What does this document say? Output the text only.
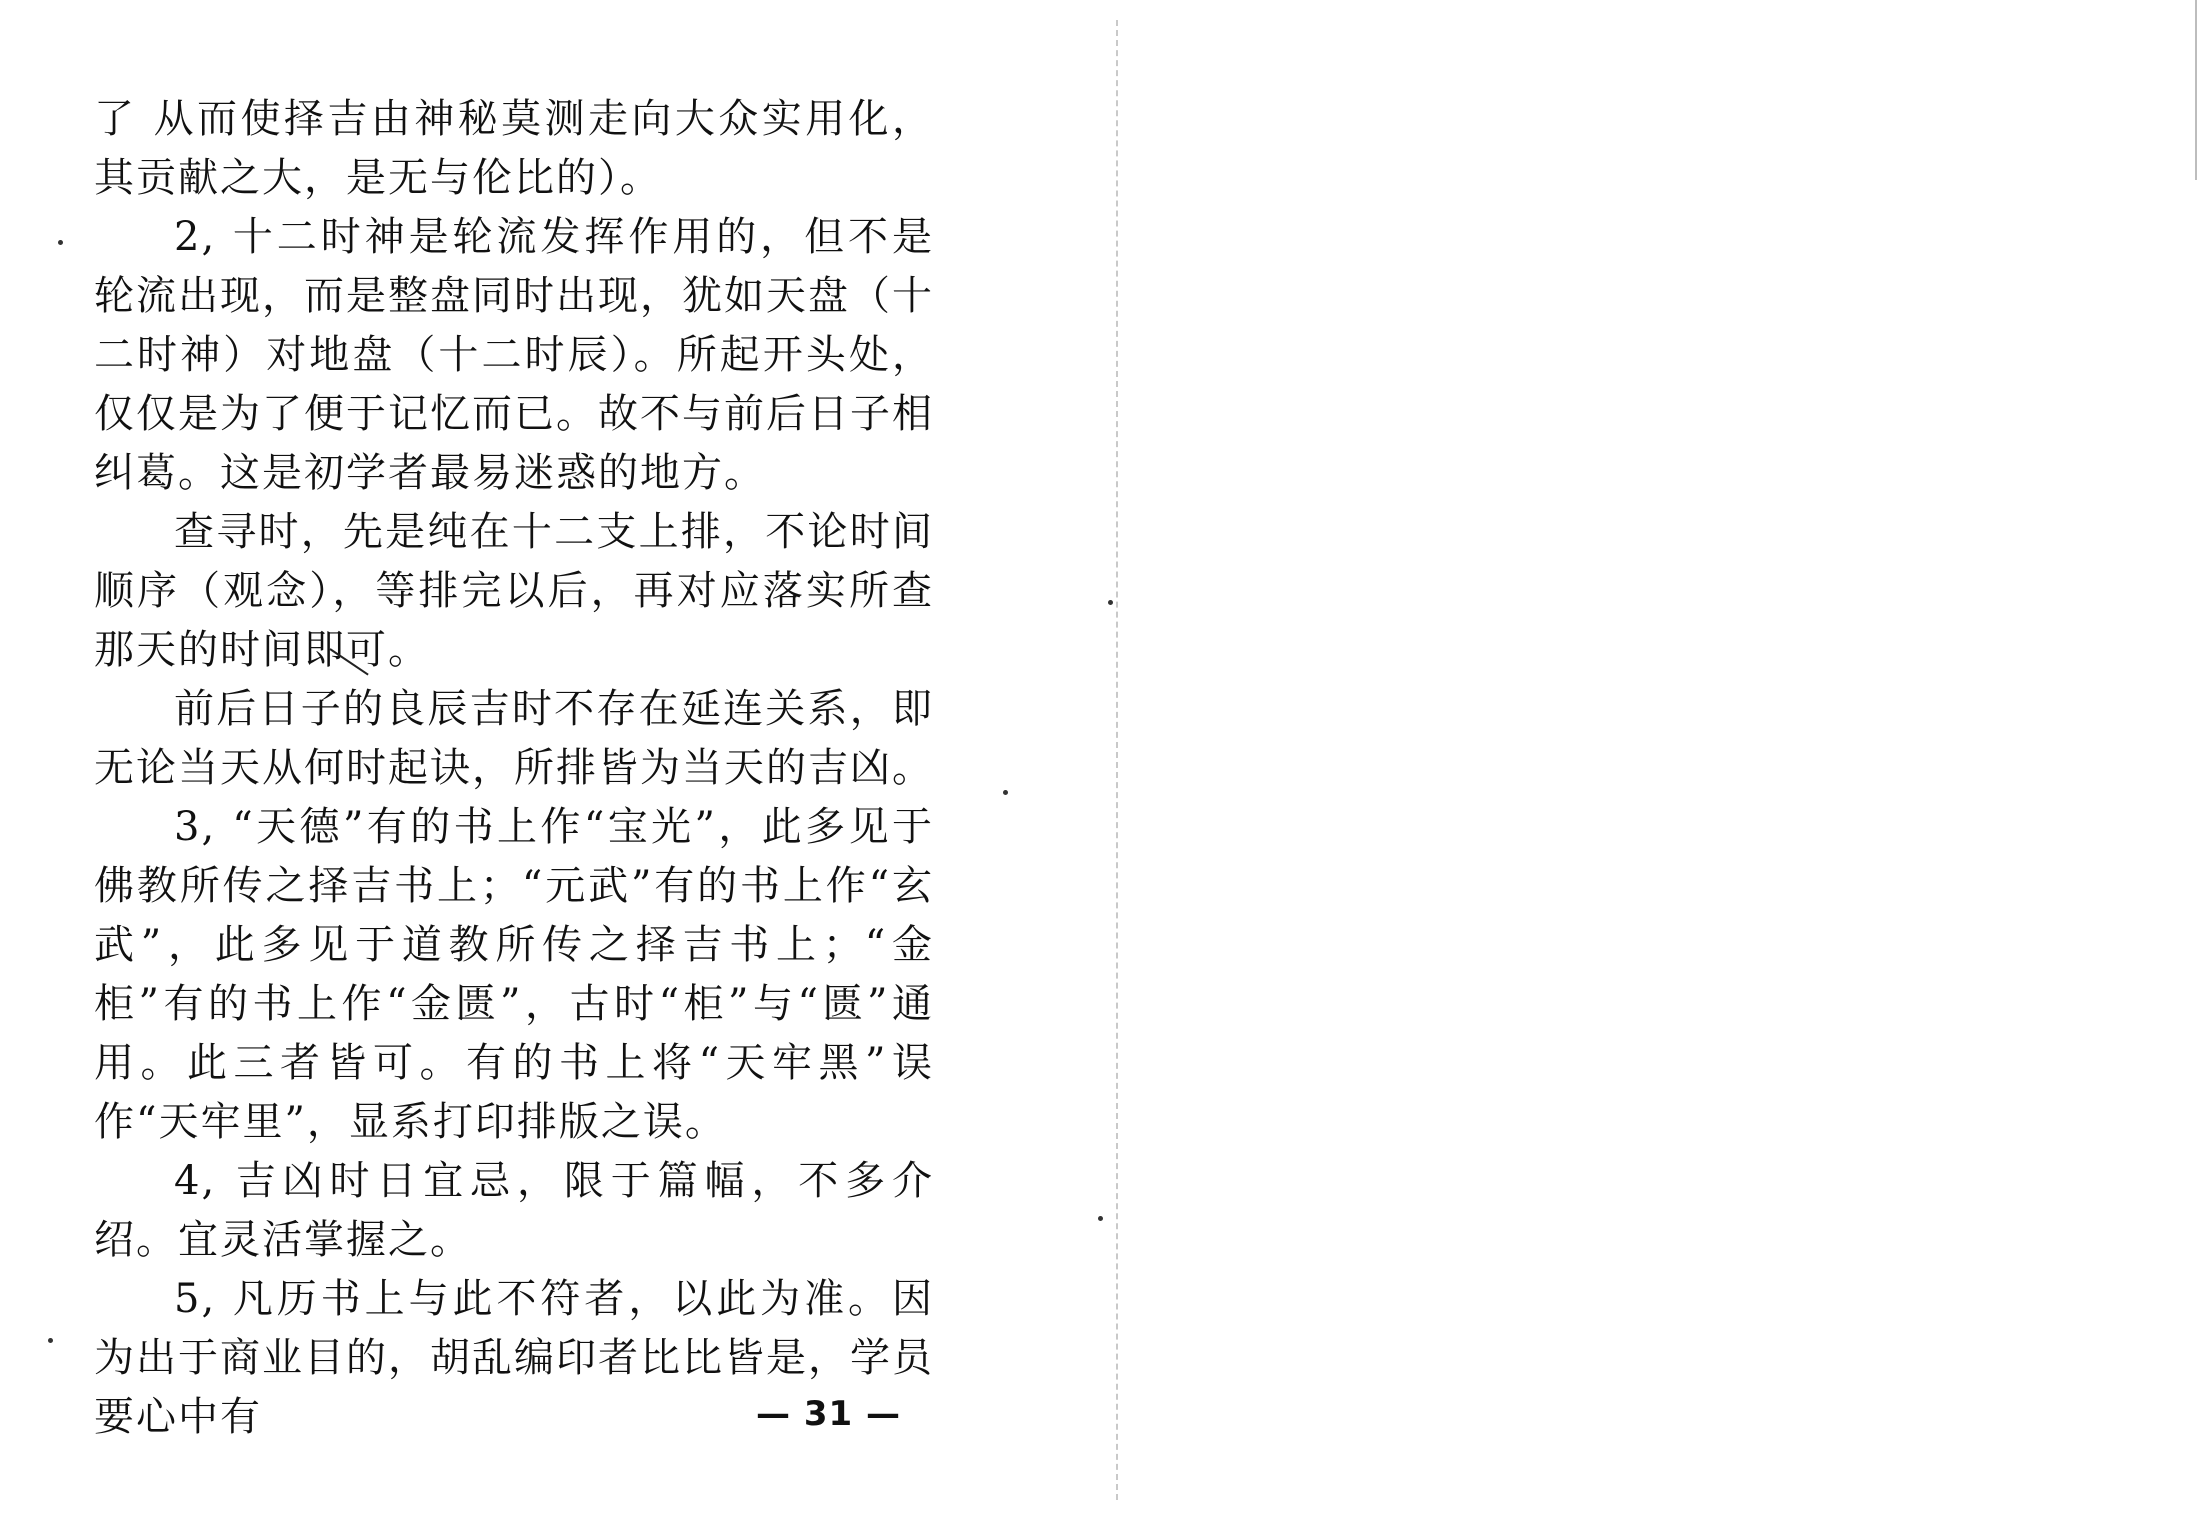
了 从而使择吉由神秘莫测走向大众实用化，其贡献之大，是无与伦比的）。

2, 十二时神是轮流发挥作用的，但不是轮流出现，而是整盘同时出现，犹如天盘（十二时神）对地盘（十二时辰）。所起开头处，仅仅是为了便于记忆而已。故不与前后日子相纠葛。这是初学者最易迷惑的地方。

查寻时，先是纯在十二支上排，不论时间顺序（观念），等排完以后，再对应落实所查那天的时间即可。

前后日子的良辰吉时不存在延连关系，即无论当天从何时起诀，所排皆为当天的吉凶。

3, “天德”有的书上作“宝光”，此多见于佛教所传之择吉书上；“元武”有的书上作“玄武”，此多见于道教所传之择吉书上；“金柜”有的书上作“金匮”，古时“柜”与“匮”通用。此三者皆可。有的书上将“天牢黑”误作“天牢里”，显系打印排版之误。

4, 吉凶时日宜忌，限于篇幅，不多介绍。宜灵活掌握之。

5, 凡历书上与此不符者，以此为准。因为出于商业目的，胡乱编印者比比皆是，学员要心中有	— 31 —
